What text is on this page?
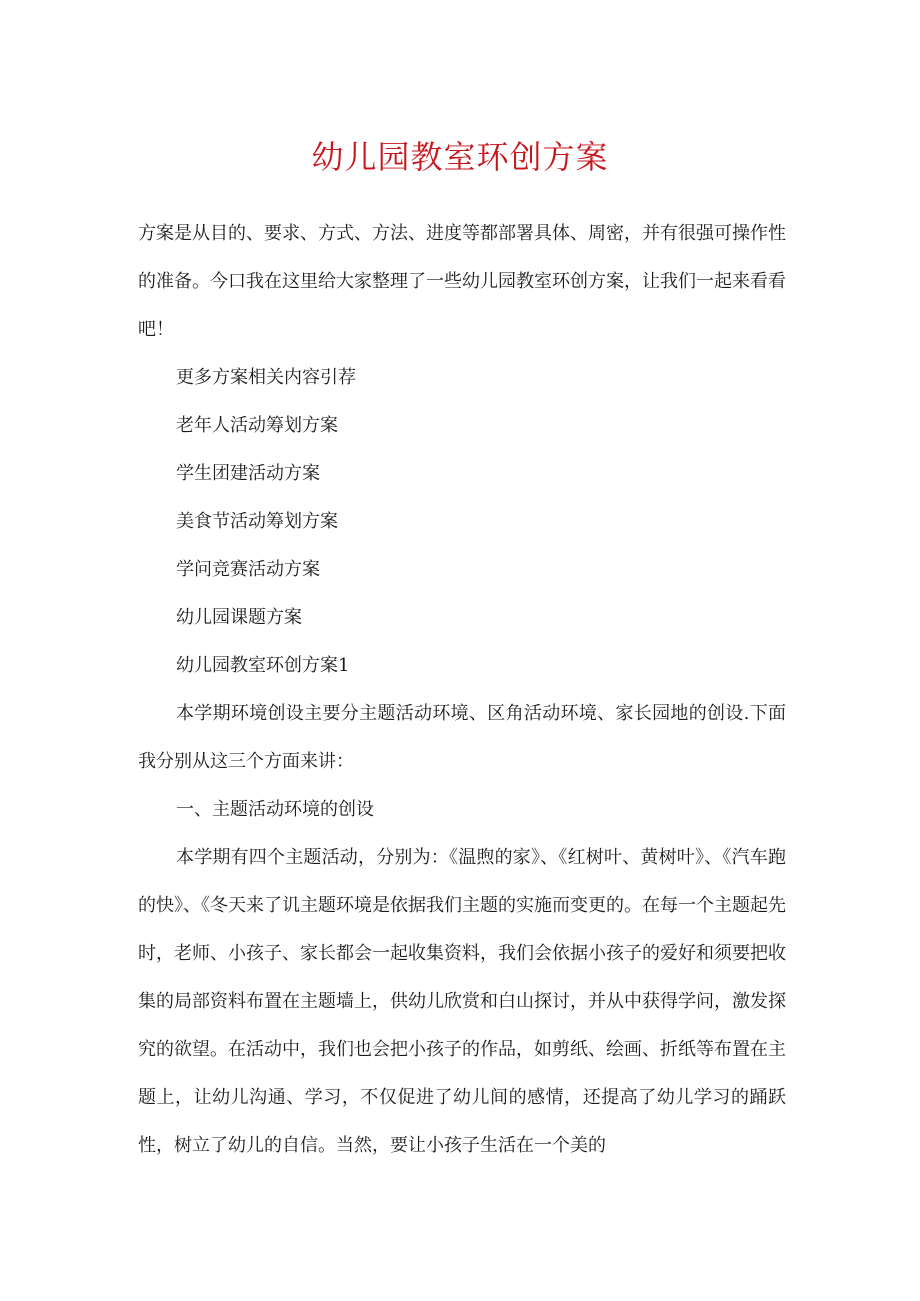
幼儿园教室环创方案

方案是从目的、要求、方式、方法、进度等都部署具体、周密，并有很强可操作性的准备。今口我在这里给大家整理了一些幼儿园教室环创方案，让我们一起来看看吧！

更多方案相关内容引荐

老年人活动筹划方案

学生团建活动方案

美食节活动筹划方案

学问竞赛活动方案

幼儿园课题方案

幼儿园教室环创方案1

本学期环境创设主要分主题活动环境、区角活动环境、家长园地的创设.下面我分别从这三个方面来讲：

一、主题活动环境的创设

本学期有四个主题活动，分别为：《温煦的家》、《红树叶、黄树叶》、《汽车跑的快》、《冬天来了讥主题环境是依据我们主题的实施而变更的。在每一个主题起先时，老师、小孩子、家长都会一起收集资料，我们会依据小孩子的爱好和须要把收集的局部资料布置在主题墙上，供幼儿欣赏和白山探讨，并从中获得学问，激发探究的欲望。在活动中，我们也会把小孩子的作品，如剪纸、绘画、折纸等布置在主题上，让幼儿沟通、学习，不仅促进了幼儿间的感情，还提高了幼儿学习的踊跃性，树立了幼儿的自信。当然，要让小孩子生活在一个美的
